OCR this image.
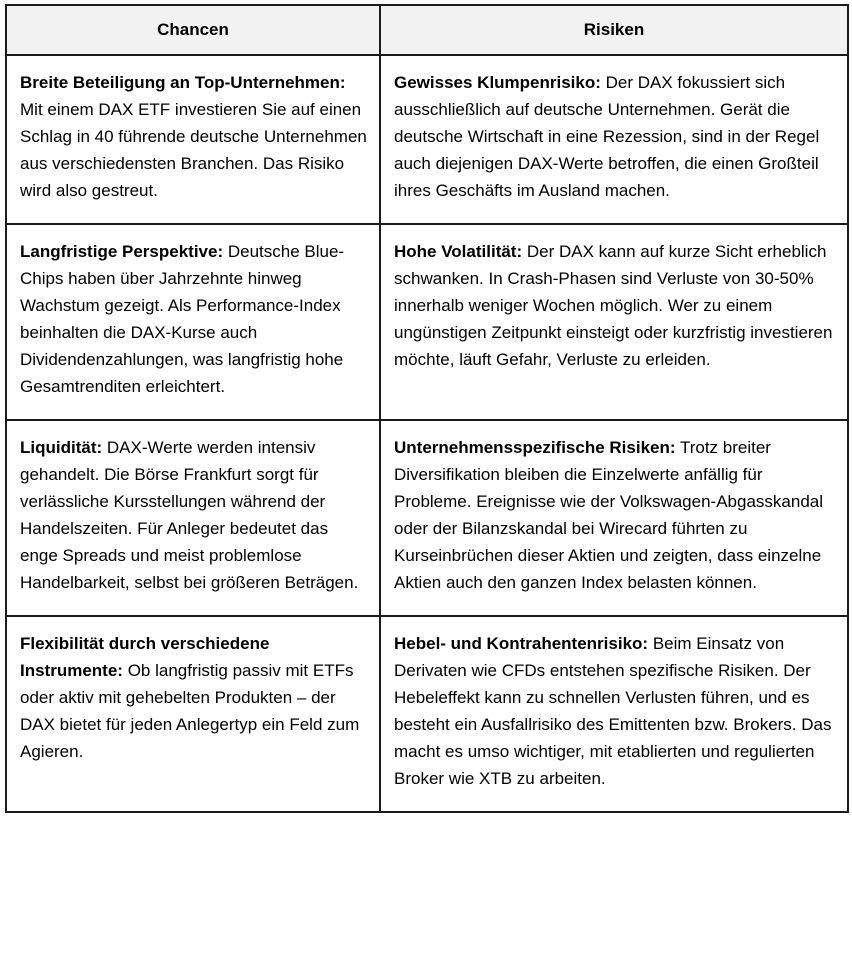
Chancen	Risiken
Breite Beteiligung an Top-Unternehmen: Mit einem DAX ETF investieren Sie auf einen Schlag in 40 führende deutsche Unternehmen aus verschiedensten Branchen. Das Risiko wird also gestreut.	Gewisses Klumpenrisiko: Der DAX fokussiert sich ausschließlich auf deutsche Unternehmen. Gerät die deutsche Wirtschaft in eine Rezession, sind in der Regel auch diejenigen DAX-Werte betroffen, die einen Großteil ihres Geschäfts im Ausland machen.
Langfristige Perspektive: Deutsche Blue-Chips haben über Jahrzehnte hinweg Wachstum gezeigt. Als Performance-Index beinhalten die DAX-Kurse auch Dividendenzahlungen, was langfristig hohe Gesamtrenditen erleichtert.	Hohe Volatilität: Der DAX kann auf kurze Sicht erheblich schwanken. In Crash-Phasen sind Verluste von 30-50% innerhalb weniger Wochen möglich. Wer zu einem ungünstigen Zeitpunkt einsteigt oder kurzfristig investieren möchte, läuft Gefahr, Verluste zu erleiden.
Liquidität: DAX-Werte werden intensiv gehandelt. Die Börse Frankfurt sorgt für verlässliche Kursstellungen während der Handelszeiten. Für Anleger bedeutet das enge Spreads und meist problemlose Handelbarkeit, selbst bei größeren Beträgen.	Unternehmensspezifische Risiken: Trotz breiter Diversifikation bleiben die Einzelwerte anfällig für Probleme. Ereignisse wie der Volkswagen-Abgasskandal oder der Bilanzskandal bei Wirecard führten zu Kurseinbrüchen dieser Aktien und zeigten, dass einzelne Aktien auch den ganzen Index belasten können.
Flexibilität durch verschiedene Instrumente: Ob langfristig passiv mit ETFs oder aktiv mit gehebelten Produkten – der DAX bietet für jeden Anlegertyp ein Feld zum Agieren.	Hebel- und Kontrahentenrisiko: Beim Einsatz von Derivaten wie CFDs entstehen spezifische Risiken. Der Hebeleffekt kann zu schnellen Verlusten führen, und es besteht ein Ausfallrisiko des Emittenten bzw. Brokers. Das macht es umso wichtiger, mit etablierten und regulierten Broker wie XTB zu arbeiten.
